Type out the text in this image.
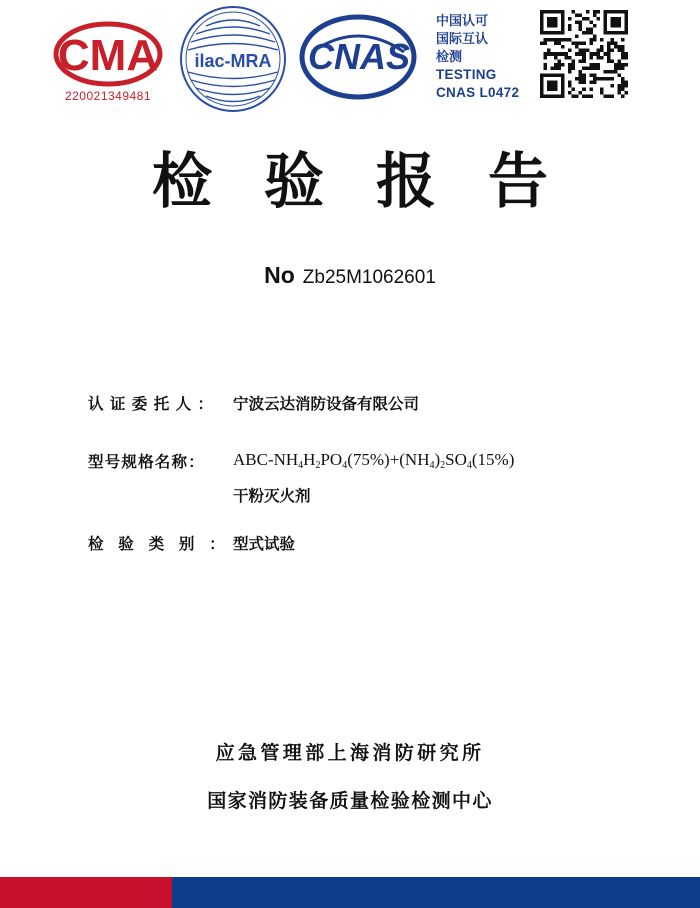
CMA
220021349481
ilac-MRA CNAS
中国认可
国际互认
检测
TESTING
CNAS L0472
检验报告
No Zb25M1062601
认证委托人： 宁波云达消防设备有限公司
型号规格名称：	ABC-$NH_4H_2PO_4(75\%)+(NH_4)_2SO_4(15\%)$
干粉灭火剂
检验类别：
型式试验
应急管理部上海消防研究所
国家消防装备质量检验检测中心
